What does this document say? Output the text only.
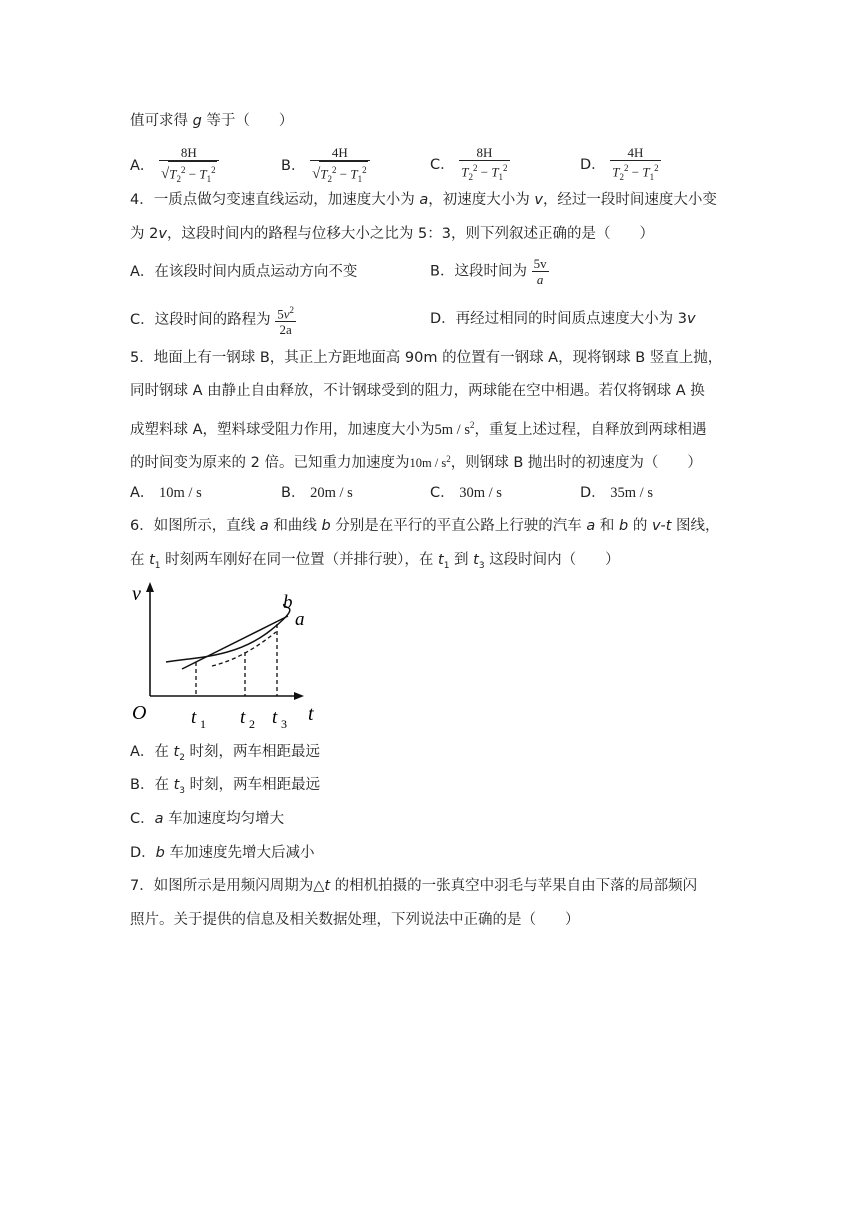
值可求得 g 等于（　　）
A． $\frac{8H}{√T_2^2 - T_1^2}$	B． $\frac{4H}{√T_2^2 - T_1^2}$	C． $\frac{8H}{T_2^2 - T_1^2}$	D． $\frac{4H}{T_2^2 - T_1^2}$
4．一质点做匀变速直线运动，加速度大小为 a，初速度大小为 v，经过一段时间速度大小变
为 2v，这段时间内的路程与位移大小之比为 5：3，则下列叙述正确的是（　　）
A．在该段时间内质点运动方向不变	B．这段时间为 $\frac{5v}{a}$
C．这段时间的路程为 $\frac{5v^2}{2a}$	D．再经过相同的时间质点速度大小为 3v
5．地面上有一钢球 B，其正上方距地面高 90m 的位置有一钢球 A，现将钢球 B 竖直上抛，
同时钢球 A 由静止自由释放，不计钢球受到的阻力，两球能在空中相遇。若仅将钢球 A 换
成塑料球 A，塑料球受阻力作用，加速度大小为$5m / s^2$，重复上述过程，自释放到两球相遇
的时间变为原来的 2 倍。已知重力加速度为$10m / s^2$，则钢球 B 抛出时的初速度为（　　）
A． 10m / s	B． 20m / s	C． 30m / s	D． 35m / s
6．如图所示，直线 a 和曲线 b 分别是在平行的平直公路上行驶的汽车 a 和 b 的 v-t 图线，
在 $t_1$ 时刻两车刚好在同一位置（并排行驶），在 $t_1$ 到 $t_3$ 这段时间内（　　）
v
O	t
b
a
t 1 t 2 t 3
A．在 $t_2$ 时刻，两车相距最远
B．在 $t_3$ 时刻，两车相距最远
C．a 车加速度均匀增大
D．b 车加速度先增大后减小
7．如图所示是用频闪周期为△t 的相机拍摄的一张真空中羽毛与苹果自由下落的局部频闪
照片。关于提供的信息及相关数据处理，下列说法中正确的是（　　）
